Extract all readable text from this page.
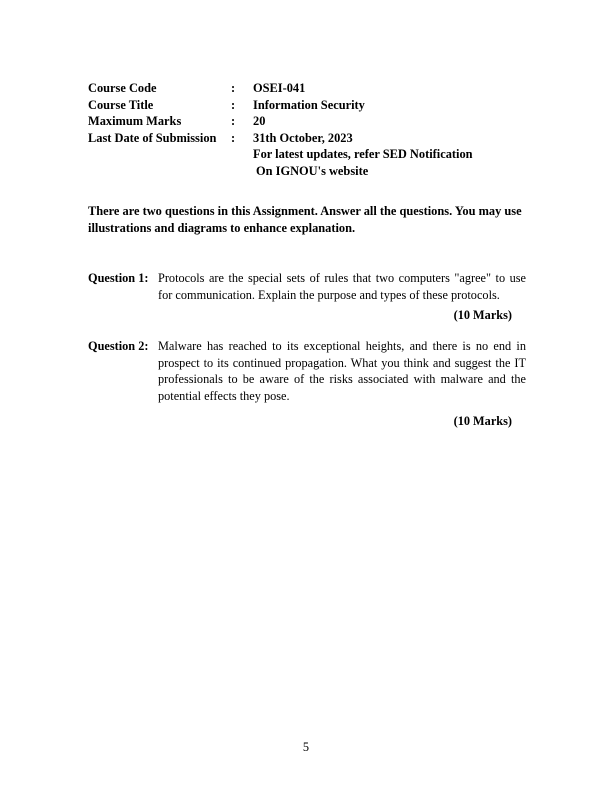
Course Code	:	OSEI-041
Course Title	:	Information Security
Maximum Marks	:	20
Last Date of Submission	:	31th October, 2023
For latest updates, refer SED Notification
On IGNOU's website
There are two questions in this Assignment. Answer all the questions. You may use illustrations and diagrams to enhance explanation.
Question 1: Protocols are the special sets of rules that two computers "agree" to use for communication. Explain the purpose and types of these protocols.
(10 Marks)
Question 2: Malware has reached to its exceptional heights, and there is no end in prospect to its continued propagation. What you think and suggest the IT professionals to be aware of the risks associated with malware and the potential effects they pose.
(10 Marks)
5
